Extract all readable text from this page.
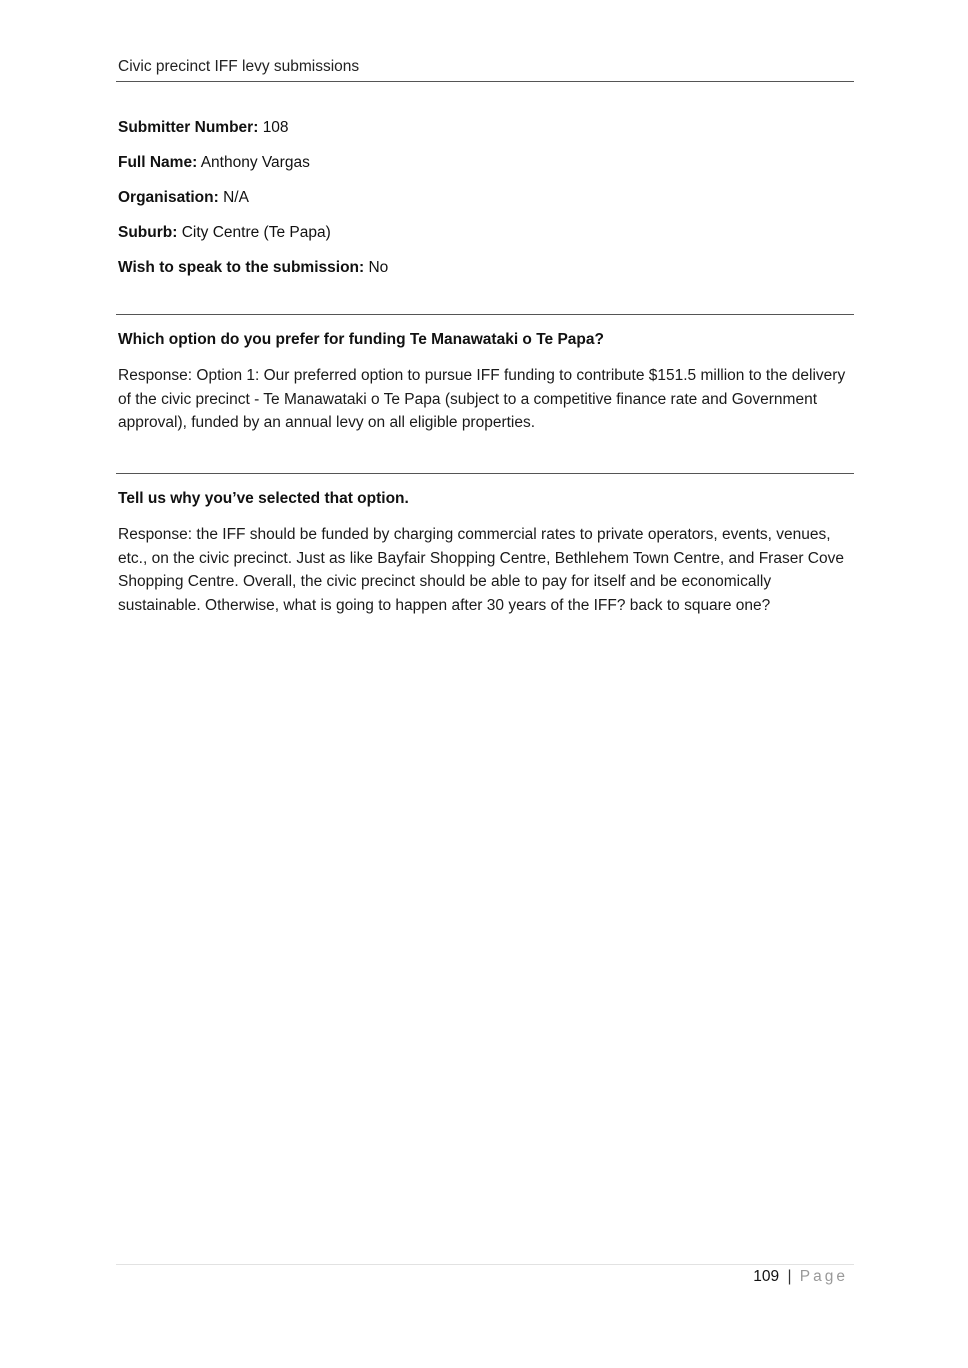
Civic precinct IFF levy submissions
Submitter Number: 108
Full Name: Anthony Vargas
Organisation: N/A
Suburb: City Centre (Te Papa)
Wish to speak to the submission: No
Which option do you prefer for funding Te Manawataki o Te Papa?
Response: Option 1: Our preferred option to pursue IFF funding to contribute $151.5 million to the delivery of the civic precinct - Te Manawataki o Te Papa (subject to a competitive finance rate and Government approval), funded by an annual levy on all eligible properties.
Tell us why you’ve selected that option.
Response: the IFF should be funded by charging commercial rates to private operators, events, venues, etc., on the civic precinct. Just as like Bayfair Shopping Centre, Bethlehem Town Centre, and Fraser Cove Shopping Centre. Overall, the civic precinct should be able to pay for itself and be economically sustainable. Otherwise, what is going to happen after 30 years of the IFF? back to square one?
109 | Page
